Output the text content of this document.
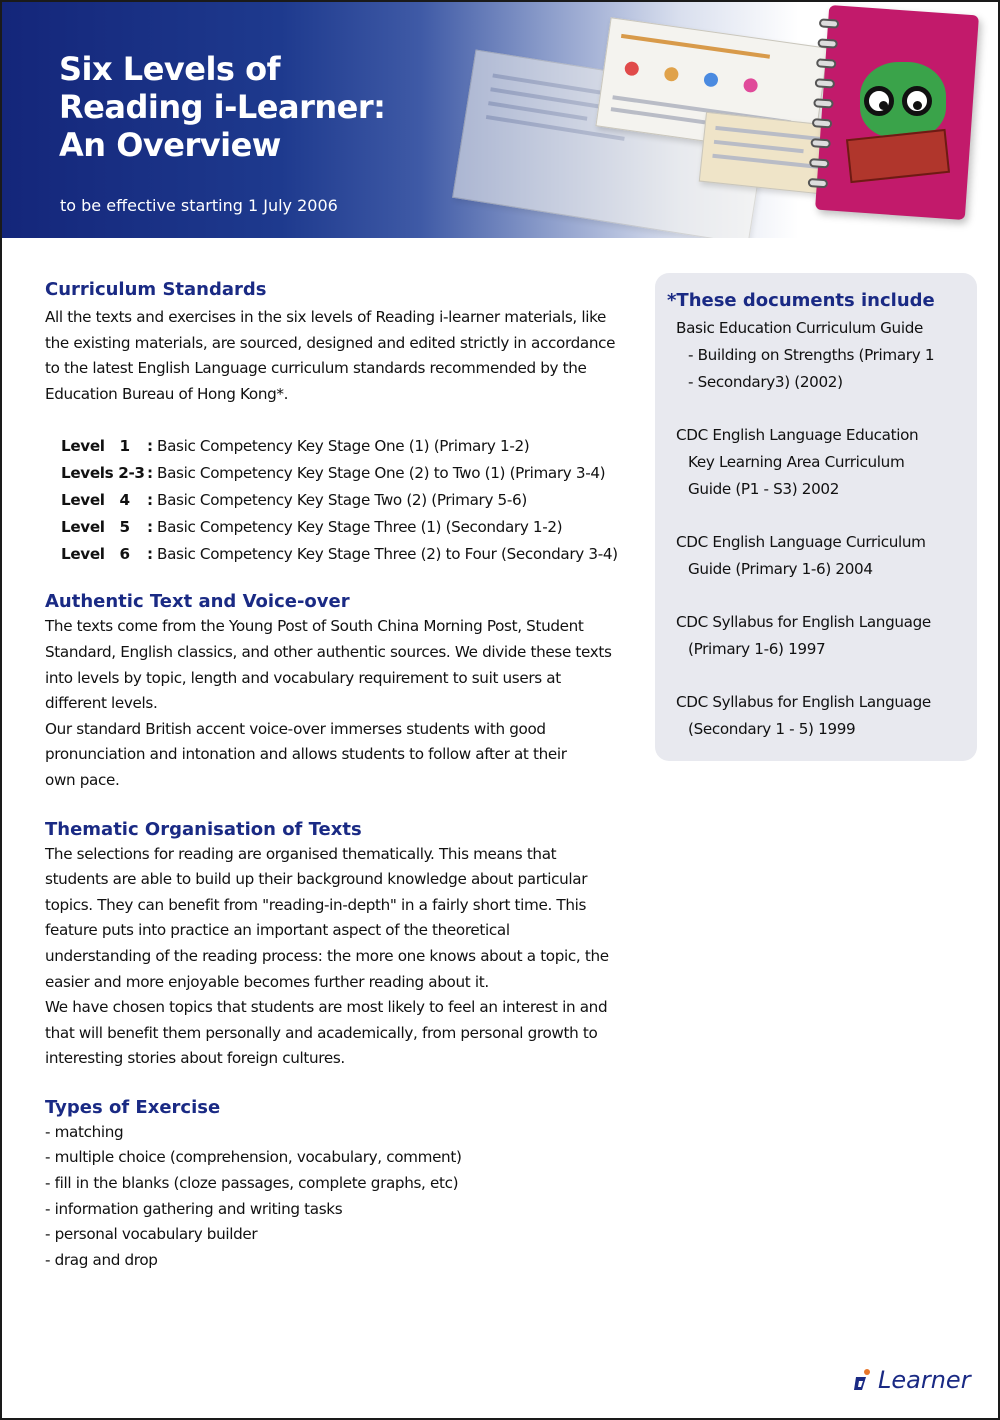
Six Levels of
Reading i-Learner:
An Overview
to be effective starting 1 July 2006
Curriculum Standards
All the texts and exercises in the six levels of Reading i-learner materials, like
the existing materials, are sourced, designed and edited strictly in accordance
to the latest English Language curriculum standards recommended by the
Education Bureau of Hong Kong*.
Level   1	: Basic Competency Key Stage One (1) (Primary 1-2)
Levels 2-3 : Basic Competency Key Stage One (2) to Two (1) (Primary 3-4)
Level   4	: Basic Competency Key Stage Two (2) (Primary 5-6)
Level   5	: Basic Competency Key Stage Three (1) (Secondary 1-2)
Level   6	: Basic Competency Key Stage Three (2) to Four (Secondary 3-4)
Authentic Text and Voice-over
The texts come from the Young Post of South China Morning Post, Student
Standard, English classics, and other authentic sources. We divide these texts
into levels by topic, length and vocabulary requirement to suit users at
different levels.
Our standard British accent voice-over immerses students with good
pronunciation and intonation and allows students to follow after at their
own pace.
Thematic Organisation of Texts
The selections for reading are organised thematically. This means that
students are able to build up their background knowledge about particular
topics. They can benefit from "reading-in-depth" in a fairly short time. This
feature puts into practice an important aspect of the theoretical
understanding of the reading process: the more one knows about a topic, the
easier and more enjoyable becomes further reading about it.
We have chosen topics that students are most likely to feel an interest in and
that will benefit them personally and academically, from personal growth to
interesting stories about foreign cultures.
Types of Exercise
- matching
- multiple choice (comprehension, vocabulary, comment)
- fill in the blanks (cloze passages, complete graphs, etc)
- information gathering and writing tasks
- personal vocabulary builder
- drag and drop
*These documents include
Basic Education Curriculum Guide
- Building on Strengths (Primary 1
- Secondary3) (2002)
CDC English Language Education
Key Learning Area Curriculum
Guide (P1 - S3) 2002
CDC English Language Curriculum
Guide (Primary 1-6) 2004
CDC Syllabus for English Language
(Primary 1-6) 1997
CDC Syllabus for English Language
(Secondary 1 - 5) 1999
Learner
